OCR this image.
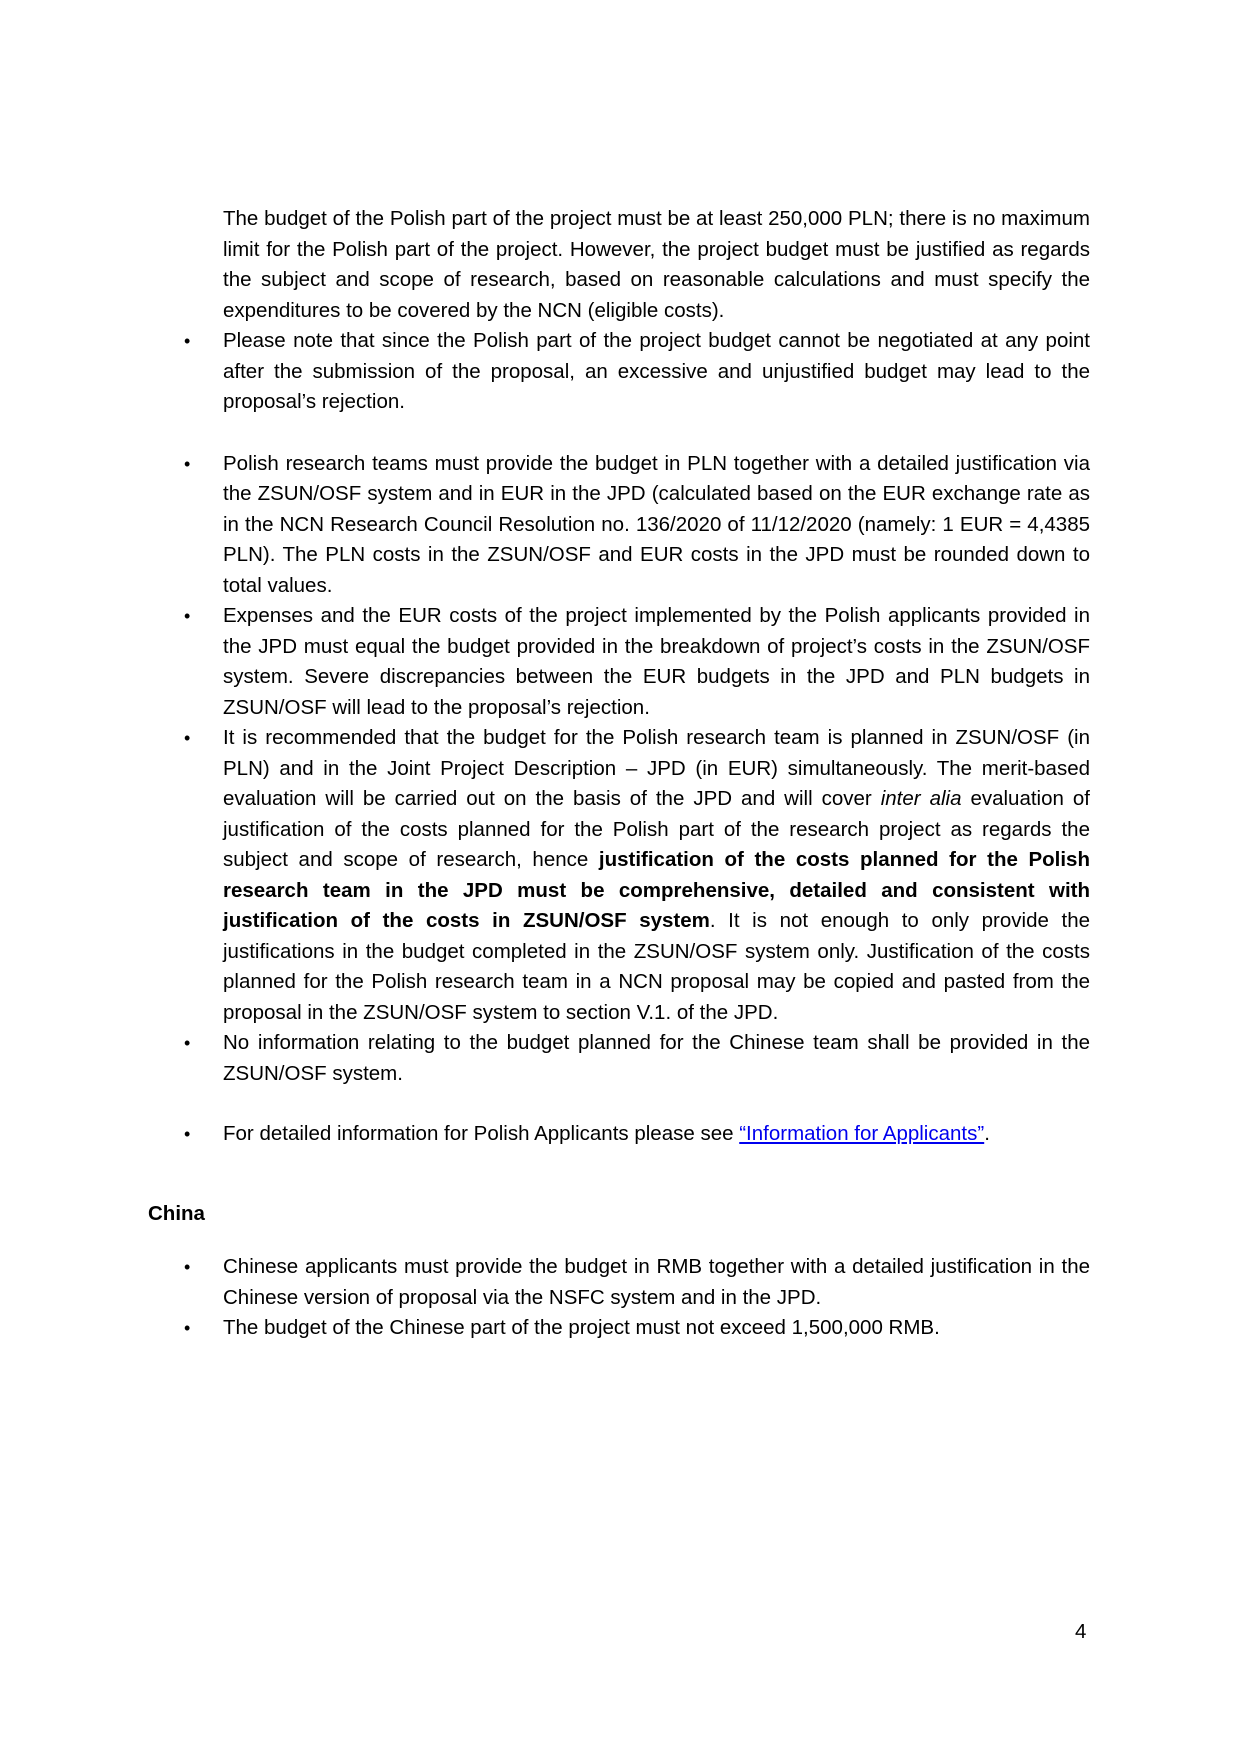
The budget of the Polish part of the project must be at least 250,000 PLN; there is no maximum limit for the Polish part of the project. However, the project budget must be justified as regards the subject and scope of research, based on reasonable calculations and must specify the expenditures to be covered by the NCN (eligible costs).

• Please note that since the Polish part of the project budget cannot be negotiated at any point after the submission of the proposal, an excessive and unjustified budget may lead to the proposal’s rejection.
• Polish research teams must provide the budget in PLN together with a detailed justification via the ZSUN/OSF system and in EUR in the JPD (calculated based on the EUR exchange rate as in the NCN Research Council Resolution no. 136/2020 of 11/12/2020 (namely: 1 EUR = 4,4385 PLN). The PLN costs in the ZSUN/OSF and EUR costs in the JPD must be rounded down to total values.
• Expenses and the EUR costs of the project implemented by the Polish applicants provided in the JPD must equal the budget provided in the breakdown of project’s costs in the ZSUN/OSF system. Severe discrepancies between the EUR budgets in the JPD and PLN budgets in ZSUN/OSF will lead to the proposal’s rejection.
• It is recommended that the budget for the Polish research team is planned in ZSUN/OSF (in PLN) and in the Joint Project Description – JPD (in EUR) simultaneously. The merit-based evaluation will be carried out on the basis of the JPD and will cover inter alia evaluation of justification of the costs planned for the Polish part of the research project as regards the subject and scope of research, hence justification of the costs planned for the Polish research team in the JPD must be comprehensive, detailed and consistent with justification of the costs in ZSUN/OSF system. It is not enough to only provide the justifications in the budget completed in the ZSUN/OSF system only. Justification of the costs planned for the Polish research team in a NCN proposal may be copied and pasted from the proposal in the ZSUN/OSF system to section V.1. of the JPD.
• No information relating to the budget planned for the Chinese team shall be provided in the ZSUN/OSF system.
• For detailed information for Polish Applicants please see “Information for Applicants”.

China

• Chinese applicants must provide the budget in RMB together with a detailed justification in the Chinese version of proposal via the NSFC system and in the JPD.
• The budget of the Chinese part of the project must not exceed 1,500,000 RMB.
4
